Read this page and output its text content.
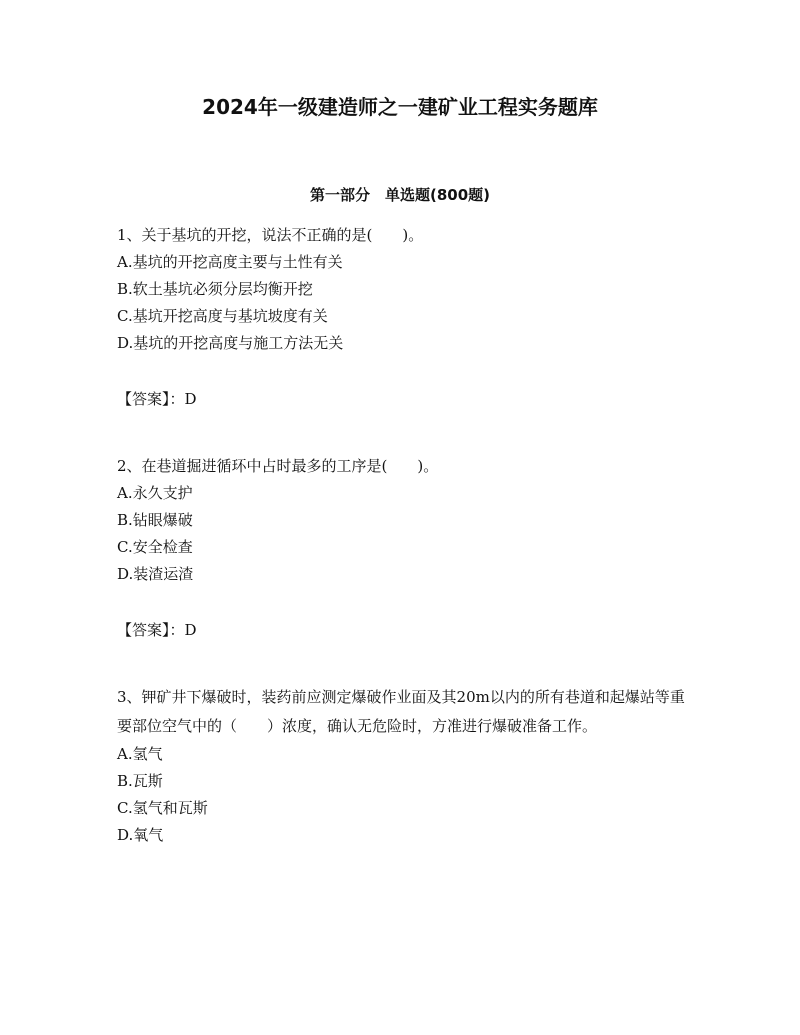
2024年一级建造师之一建矿业工程实务题库
第一部分　单选题(800题)

1、关于基坑的开挖，说法不正确的是(　　)。

A.基坑的开挖高度主要与土性有关
B.软土基坑必须分层均衡开挖
C.基坑开挖高度与基坑坡度有关
D.基坑的开挖高度与施工方法无关
【答案】：D

2、在巷道掘进循环中占时最多的工序是(　　)。

A.永久支护
B.钻眼爆破
C.安全检查
D.装渣运渣
【答案】：D

3、钾矿井下爆破时，装药前应测定爆破作业面及其20m以内的所有巷道和起爆站等重要部位空气中的（　　）浓度，确认无危险时，方准进行爆破准备工作。

A.氢气
B.瓦斯
C.氢气和瓦斯
D.氧气
